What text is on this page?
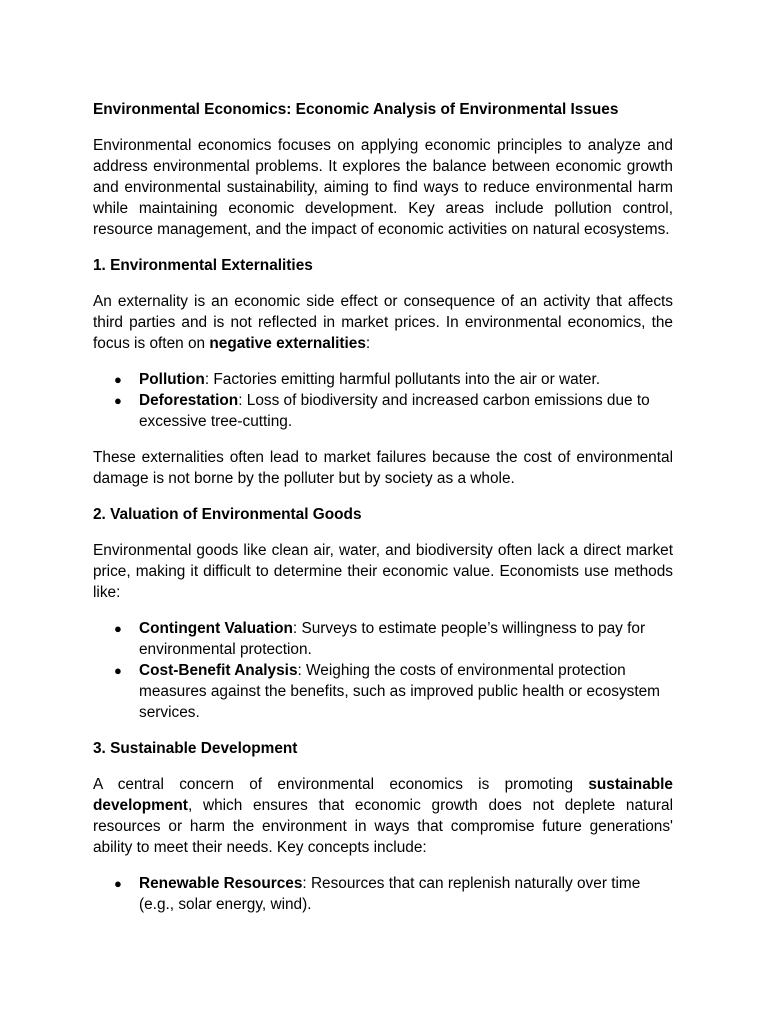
Environmental Economics: Economic Analysis of Environmental Issues

Environmental economics focuses on applying economic principles to analyze and address environmental problems. It explores the balance between economic growth and environmental sustainability, aiming to find ways to reduce environmental harm while maintaining economic development. Key areas include pollution control, resource management, and the impact of economic activities on natural ecosystems.

1. Environmental Externalities

An externality is an economic side effect or consequence of an activity that affects third parties and is not reflected in market prices. In environmental economics, the focus is often on negative externalities:

● Pollution: Factories emitting harmful pollutants into the air or water.
● Deforestation: Loss of biodiversity and increased carbon emissions due to excessive tree-cutting.

These externalities often lead to market failures because the cost of environmental damage is not borne by the polluter but by society as a whole.

2. Valuation of Environmental Goods

Environmental goods like clean air, water, and biodiversity often lack a direct market price, making it difficult to determine their economic value. Economists use methods like:

● Contingent Valuation: Surveys to estimate people’s willingness to pay for environmental protection.
● Cost-Benefit Analysis: Weighing the costs of environmental protection measures against the benefits, such as improved public health or ecosystem services.

3. Sustainable Development

A central concern of environmental economics is promoting sustainable development, which ensures that economic growth does not deplete natural resources or harm the environment in ways that compromise future generations' ability to meet their needs. Key concepts include:

● Renewable Resources: Resources that can replenish naturally over time (e.g., solar energy, wind).
